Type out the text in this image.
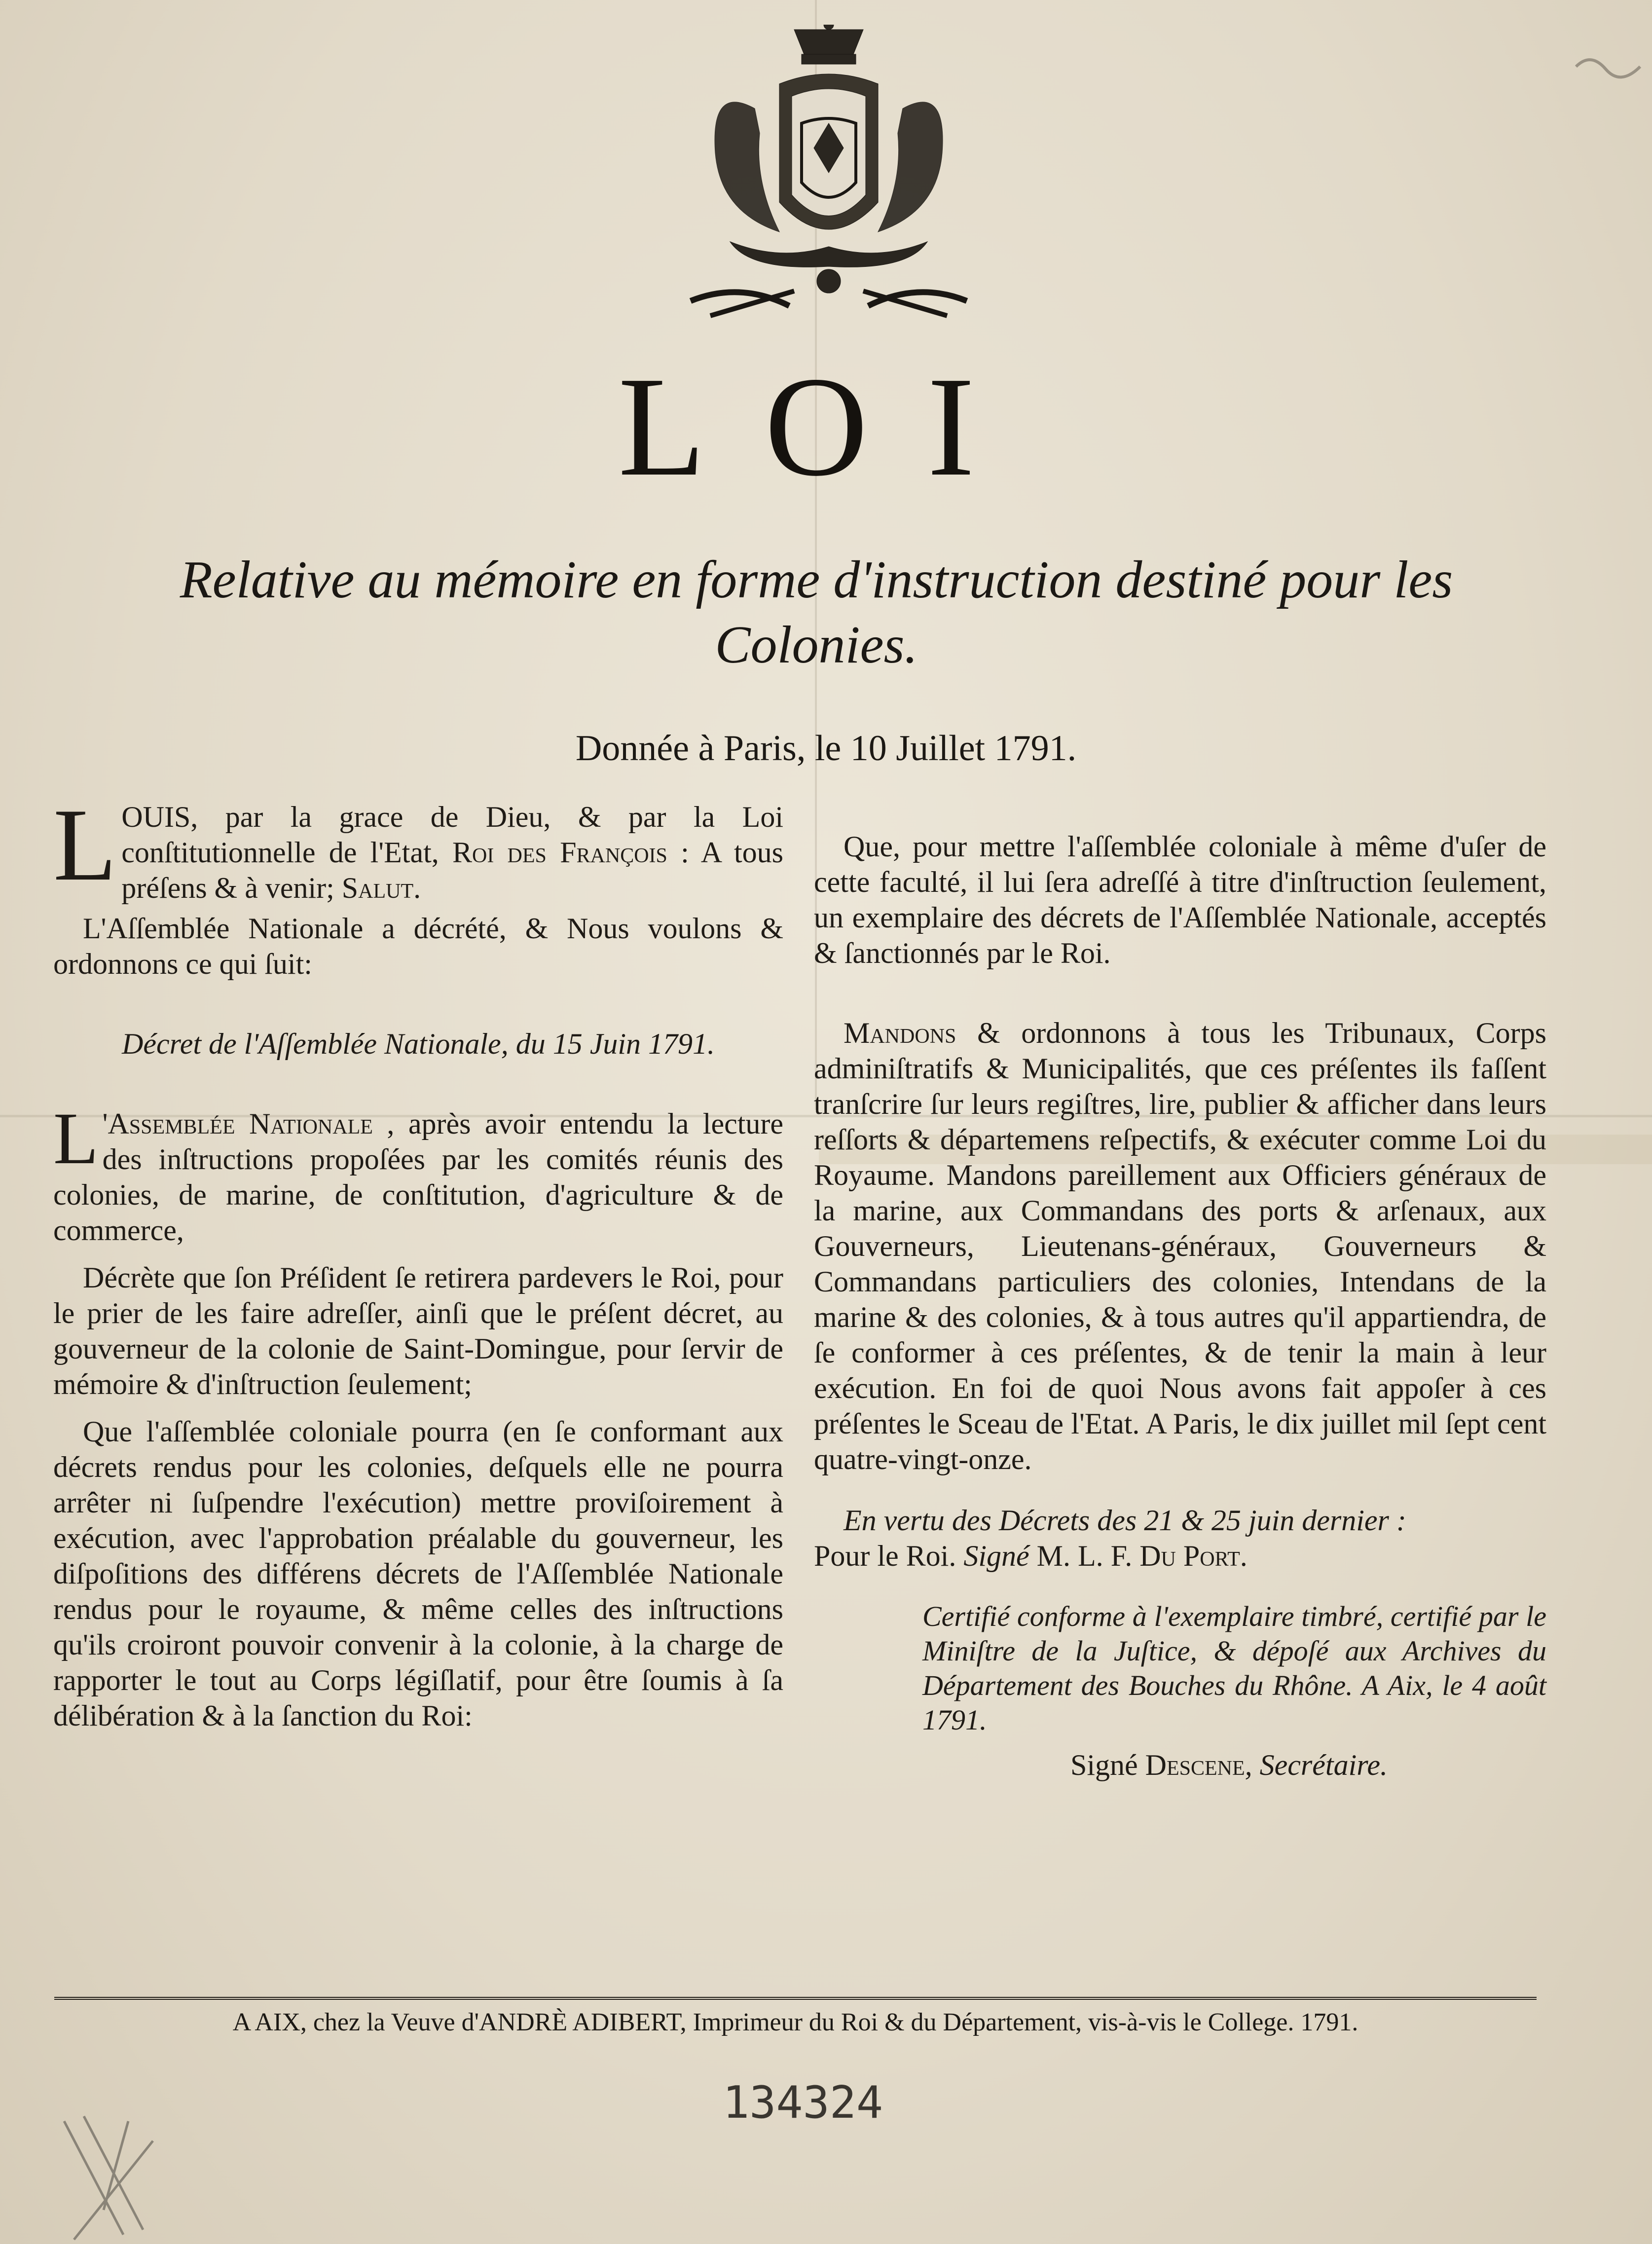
LOI
Relative au mémoire en forme d'instruction destiné pour les Colonies.
Donnée à Paris, le 10 Juillet 1791.

L OUIS, par la grace de Dieu, & par la Loi conſtitutionnelle de l'Etat, Roi des François : A tous préſens & à venir; Salut.

L'Aſſemblée Nationale a décrété, & Nous voulons & ordonnons ce qui ſuit:

Décret de l'Aſſemblée Nationale, du 15 Juin 1791.

L 'Assemblée Nationale , après avoir entendu la lecture des inſtructions propoſées par les comités réunis des colonies, de marine, de conſtitution, d'agriculture & de commerce,

Décrète que ſon Préſident ſe retirera pardevers le Roi, pour le prier de les faire adreſſer, ainſi que le préſent décret, au gouverneur de la colonie de Saint-Domingue, pour ſervir de mémoire & d'inſtruction ſeulement;

Que l'aſſemblée coloniale pourra (en ſe conformant aux décrets rendus pour les colonies, deſquels elle ne pourra arrêter ni ſuſpendre l'exécution) mettre proviſoirement à exécution, avec l'approbation préalable du gouverneur, les diſpoſitions des différens décrets de l'Aſſemblée Nationale rendus pour le royaume, & même celles des inſtructions qu'ils croiront pouvoir convenir à la colonie, à la charge de rapporter le tout au Corps légiſlatif, pour être ſoumis à ſa délibération & à la ſanction du Roi:

Que, pour mettre l'aſſemblée coloniale à même d'uſer de cette faculté, il lui ſera adreſſé à titre d'inſtruction ſeulement, un exemplaire des décrets de l'Aſſemblée Nationale, acceptés & ſanctionnés par le Roi.

Mandons & ordonnons à tous les Tribunaux, Corps adminiſtratifs & Municipalités, que ces préſentes ils faſſent tranſcrire ſur leurs regiſtres, lire, publier & afficher dans leurs reſſorts & départemens reſpectifs, & exécuter comme Loi du Royaume. Mandons pareillement aux Officiers généraux de la marine, aux Commandans des ports & arſenaux, aux Gouverneurs, Lieutenans-généraux, Gouverneurs & Commandans particuliers des colonies, Intendans de la marine & des colonies, & à tous autres qu'il appartiendra, de ſe conformer à ces préſentes, & de tenir la main à leur exécution. En foi de quoi Nous avons fait appoſer à ces préſentes le Sceau de l'Etat. A Paris, le dix juillet mil ſept cent quatre-vingt-onze.

En vertu des Décrets des 21 & 25 juin dernier :

Pour le Roi. Signé M. L. F. Du Port.

Certifié conforme à l'exemplaire timbré, certifié par le Miniſtre de la Juſtice, & dépoſé aux Archives du Département des Bouches du Rhône. A Aix, le 4 août 1791.

Signé Descene, Secrétaire.

A AIX, chez la Veuve d'ANDRÈ ADIBERT, Imprimeur du Roi & du Département, vis-à-vis le College. 1791.
134324
